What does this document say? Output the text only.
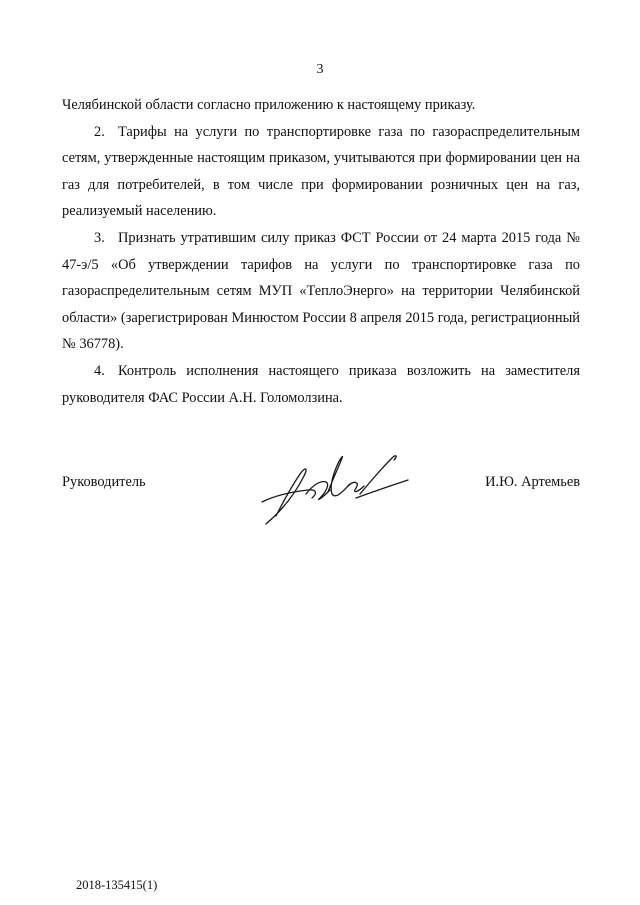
3

Челябинской области согласно приложению к настоящему приказу.

2. Тарифы на услуги по транспортировке газа по газораспределительным сетям, утвержденные настоящим приказом, учитываются при формировании цен на газ для потребителей, в том числе при формировании розничных цен на газ, реализуемый населению.

3. Признать утратившим силу приказ ФСТ России от 24 марта 2015 года № 47-э/5 «Об утверждении тарифов на услуги по транспортировке газа по газораспределительным сетям МУП «ТеплоЭнерго» на территории Челябинской области» (зарегистрирован Минюстом России 8 апреля 2015 года, регистрационный № 36778).

4. Контроль исполнения настоящего приказа возложить на заместителя руководителя ФАС России А.Н. Голомолзина.

Руководитель	И.Ю. Артемьев
2018-135415(1)
